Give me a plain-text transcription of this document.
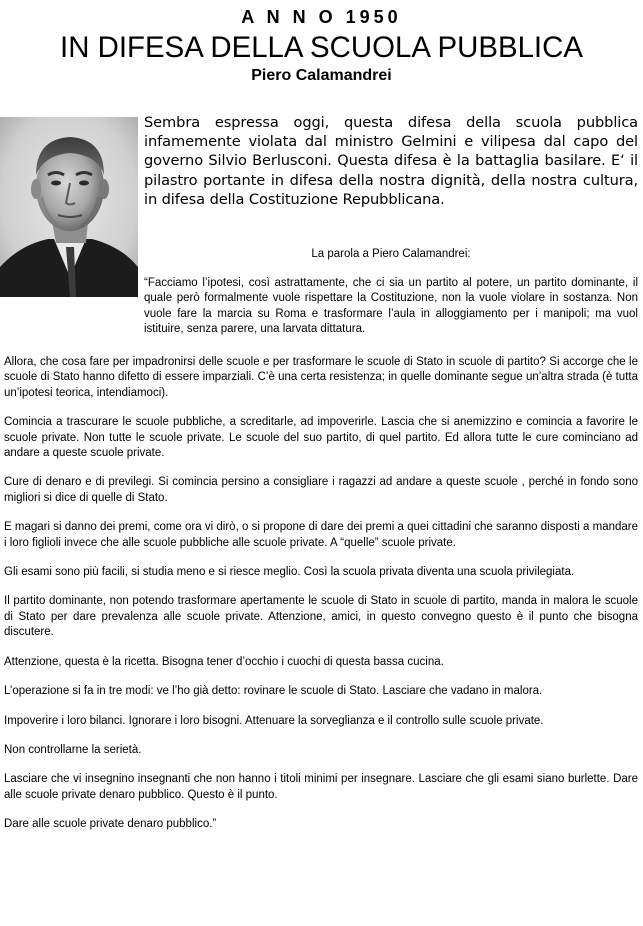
A N N O 1950
IN DIFESA DELLA SCUOLA PUBBLICA
Piero Calamandrei
Sembra espressa oggi, questa difesa della scuola pubblica infamemente violata dal ministro Gelmini e vilipesa dal capo del governo Silvio Berlusconi. Questa difesa è la battaglia basilare. E‘ il pilastro portante in difesa della nostra dignità, della nostra cultura, in difesa della Costituzione Repubblicana.
La parola a Piero Calamandrei:
“Facciamo l’ipotesi, così astrattamente, che ci sia un partito al potere, un partito dominante, il quale però formalmente vuole rispettare la Costituzione, non la vuole violare in sostanza. Non vuole fare la marcia su Roma e trasformare l’aula in alloggiamento per i manipoli; ma vuol istituire, senza parere, una larvata dittatura.

Allora, che cosa fare per impadronirsi delle scuole e per trasformare le scuole di Stato in scuole di partito? Si accorge che le scuole di Stato hanno difetto di essere imparziali. C’è una certa resistenza; in quelle dominante segue un’altra strada (è tutta un’ipotesi teorica, intendiamoci).

Comincia a trascurare le scuole pubbliche, a screditarle, ad impoverirle. Lascia che si anemizzino e comincia a favorire le scuole private. Non tutte le scuole private. Le scuole del suo partito, di quel partito. Ed allora tutte le cure cominciano ad andare a queste scuole private.

Cure di denaro e di previlegi. Si comincia persino a consigliare i ragazzi ad andare a queste scuole , perché in fondo sono migliori si dice di quelle di Stato.

E magari si danno dei premi, come ora vi dirò, o si propone di dare dei premi a quei cittadini che saranno disposti a mandare i loro figlioli invece che alle scuole pubbliche alle scuole private. A “quelle” scuole private.

Gli esami sono più facili, si studia meno e si riesce meglio. Così la scuola privata diventa una scuola privilegiata.

Il partito dominante, non potendo trasformare apertamente le scuole di Stato in scuole di partito, manda in malora le scuole di Stato per dare prevalenza alle scuole private. Attenzione, amici, in questo convegno questo è il punto che bisogna discutere.

Attenzione, questa è la ricetta. Bisogna tener d’occhio i cuochi di questa bassa cucina.

L’operazione si fa in tre modi: ve l’ho già detto: rovinare le scuole di Stato. Lasciare che vadano in malora.

Impoverire i loro bilanci. Ignorare i loro bisogni. Attenuare la sorveglianza e il controllo sulle scuole private.

Non controllarne la serietà.

Lasciare che vi insegnino insegnanti che non hanno i titoli minimi per insegnare. Lasciare che gli esami siano burlette. Dare alle scuole private denaro pubblico. Questo è il punto.

Dare alle scuole private denaro pubblico.”
